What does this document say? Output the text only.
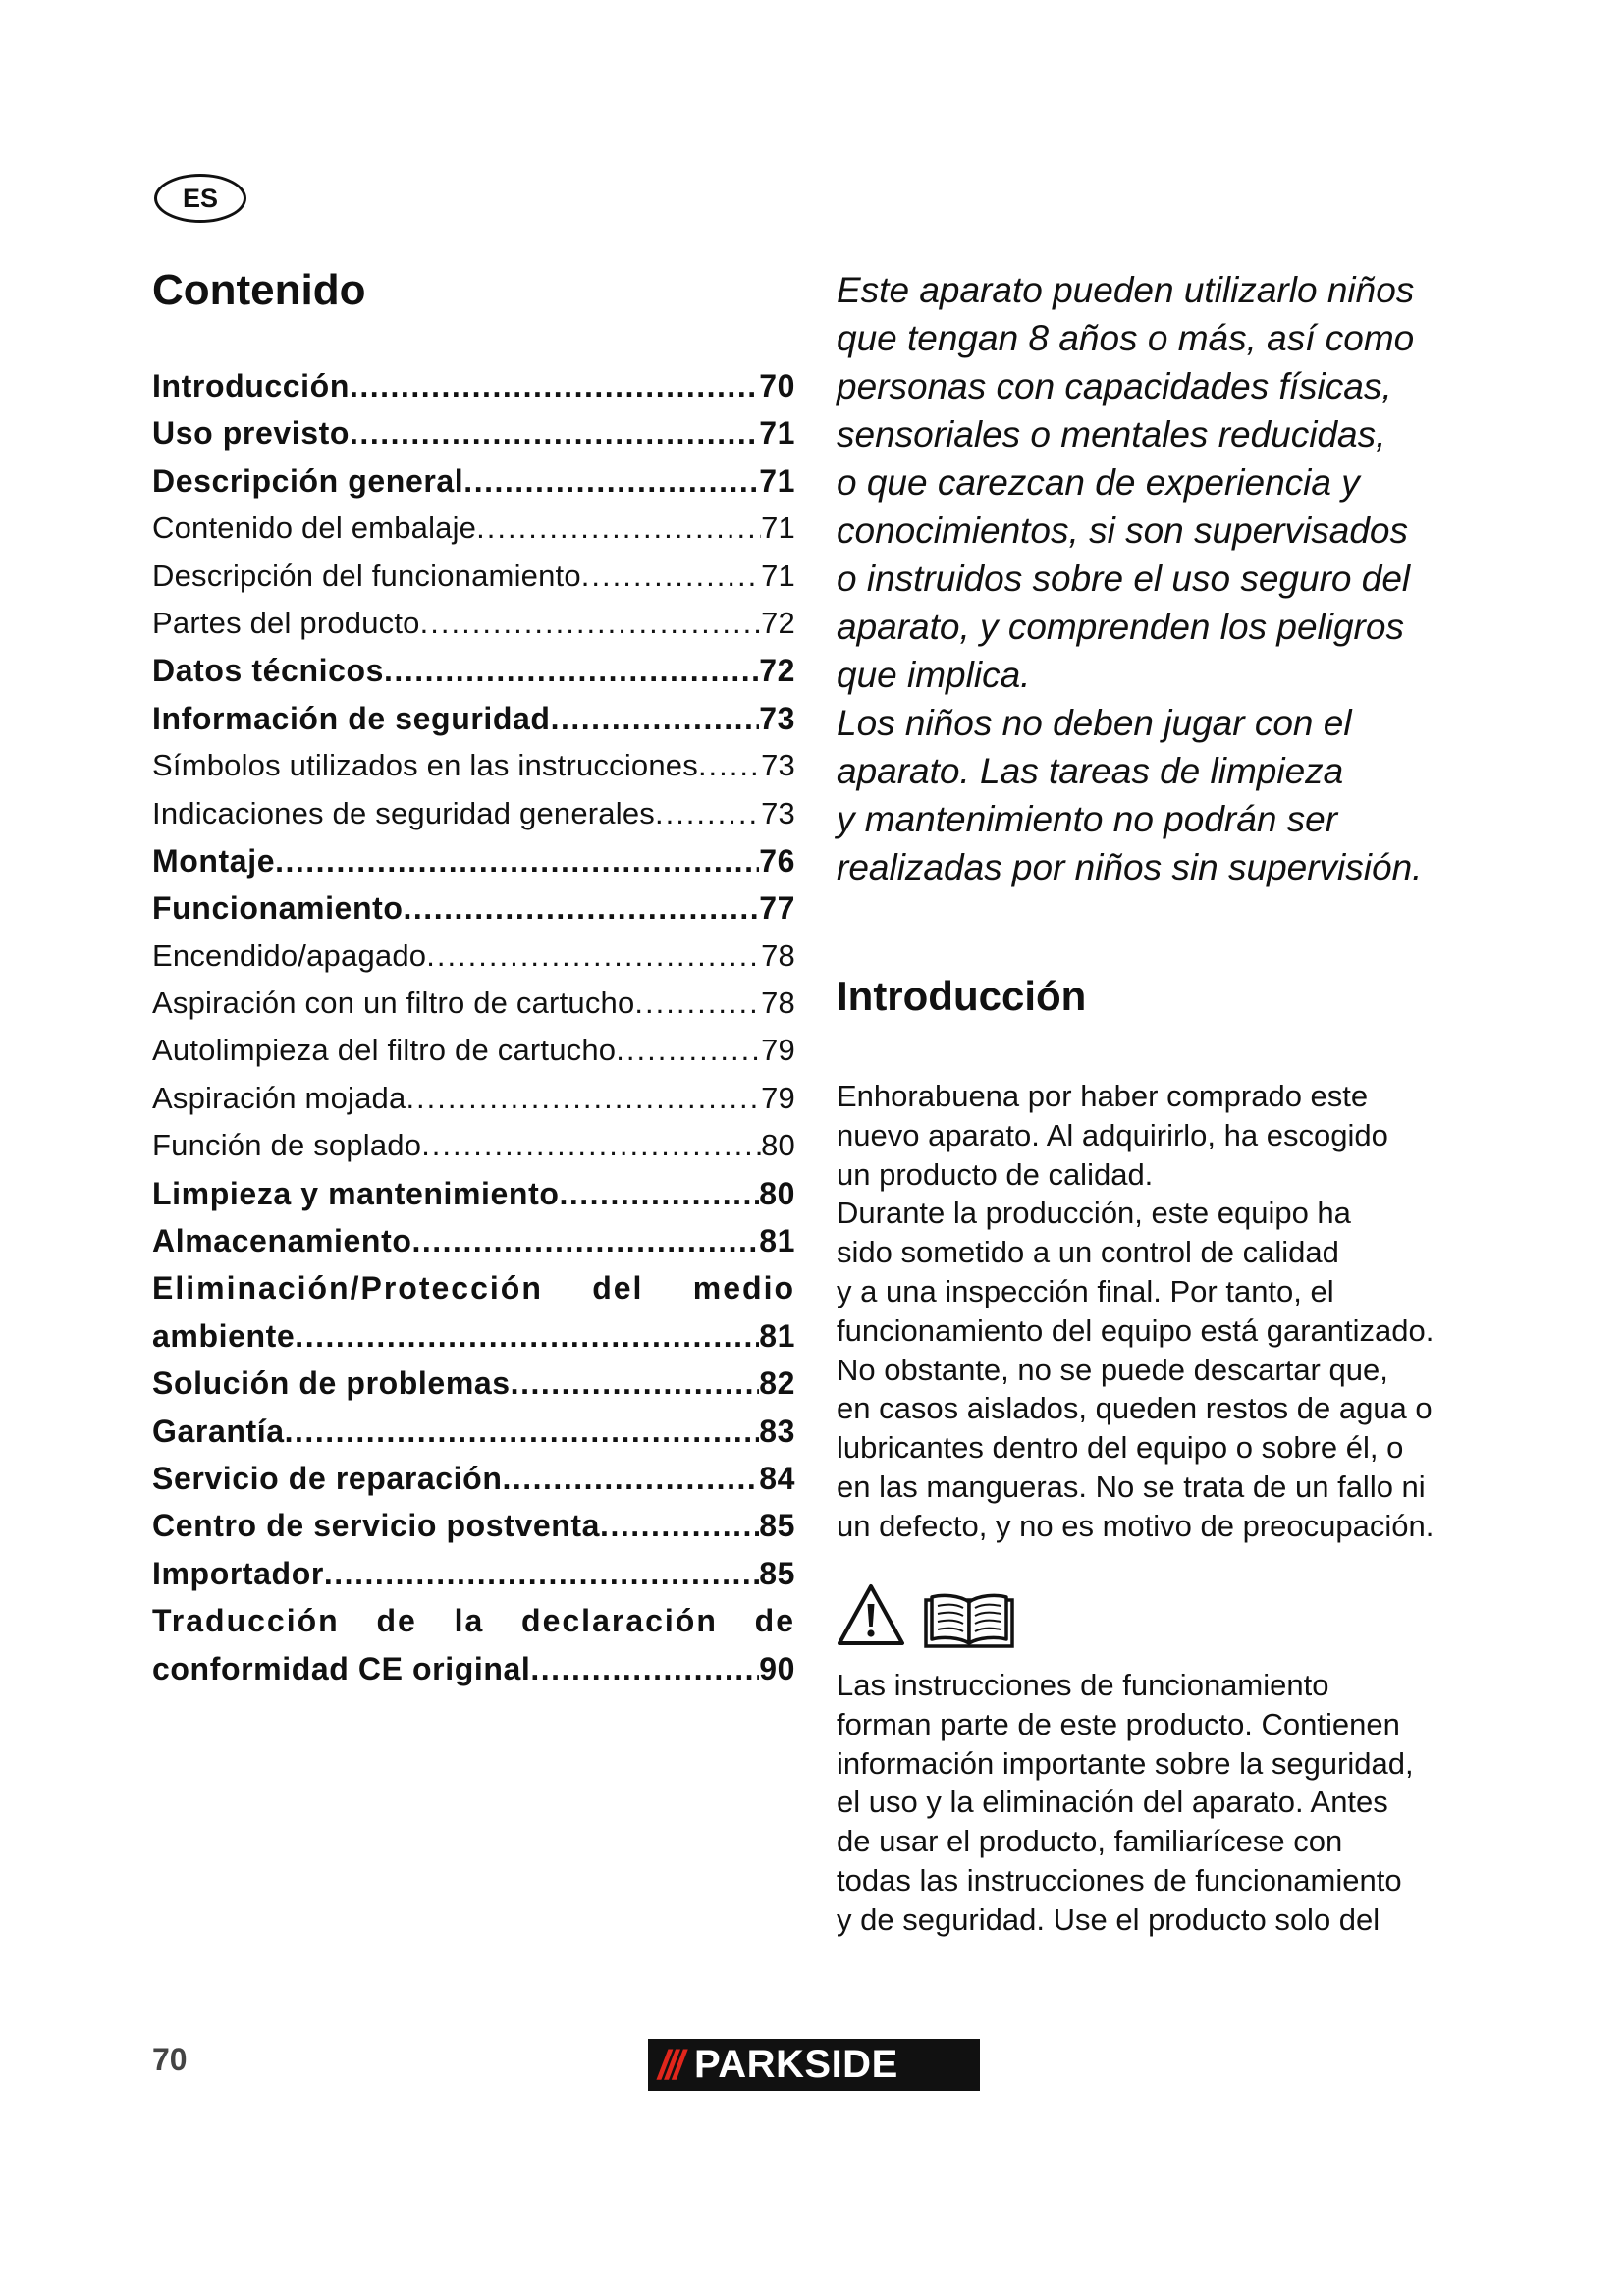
ES
Contenido
Introducción .....	70
Uso previsto .....	71
Descripción general .....	71
Contenido del embalaje .....	71
Descripción del funcionamiento .....	71
Partes del producto .....	72
Datos técnicos .....	72
Información de seguridad .....	73
Símbolos utilizados en las instrucciones ..... 73
Indicaciones de seguridad generales .....	73
Montaje .....	76
Funcionamiento .....	77
Encendido/apagado .....	78
Aspiración con un filtro de cartucho .....	78
Autolimpieza del filtro de cartucho .....	79
Aspiración mojada .....	79
Función de soplado .....	80
Limpieza y mantenimiento .....	80
Almacenamiento .....	81
Eliminación/Protección del medio
ambiente .....	81
Solución de problemas .....	82
Garantía .....	83
Servicio de reparación .....	84
Centro de servicio postventa .....	85
Importador .....	85
Traducción de la declaración de
conformidad CE original .....	90
Este aparato pueden utilizarlo niños
que tengan 8 años o más, así como
personas con capacidades físicas,
sensoriales o mentales reducidas,
o que carezcan de experiencia y
conocimientos, si son supervisados
o instruidos sobre el uso seguro del
aparato, y comprenden los peligros
que implica.
Los niños no deben jugar con el
aparato. Las tareas de limpieza
y mantenimiento no podrán ser
realizadas por niños sin supervisión.
Introducción
Enhorabuena por haber comprado este
nuevo aparato. Al adquirirlo, ha escogido
un producto de calidad.
Durante la producción, este equipo ha
sido sometido a un control de calidad
y a una inspección final. Por tanto, el
funcionamiento del equipo está garantizado.
No obstante, no se puede descartar que,
en casos aislados, queden restos de agua o
lubricantes dentro del equipo o sobre él, o
en las mangueras. No se trata de un fallo ni
un defecto, y no es motivo de preocupación.
Las instrucciones de funcionamiento
forman parte de este producto. Contienen
información importante sobre la seguridad,
el uso y la eliminación del aparato. Antes
de usar el producto, familiarícese con
todas las instrucciones de funcionamiento
y de seguridad. Use el producto solo del
70	/// PARKSIDE
